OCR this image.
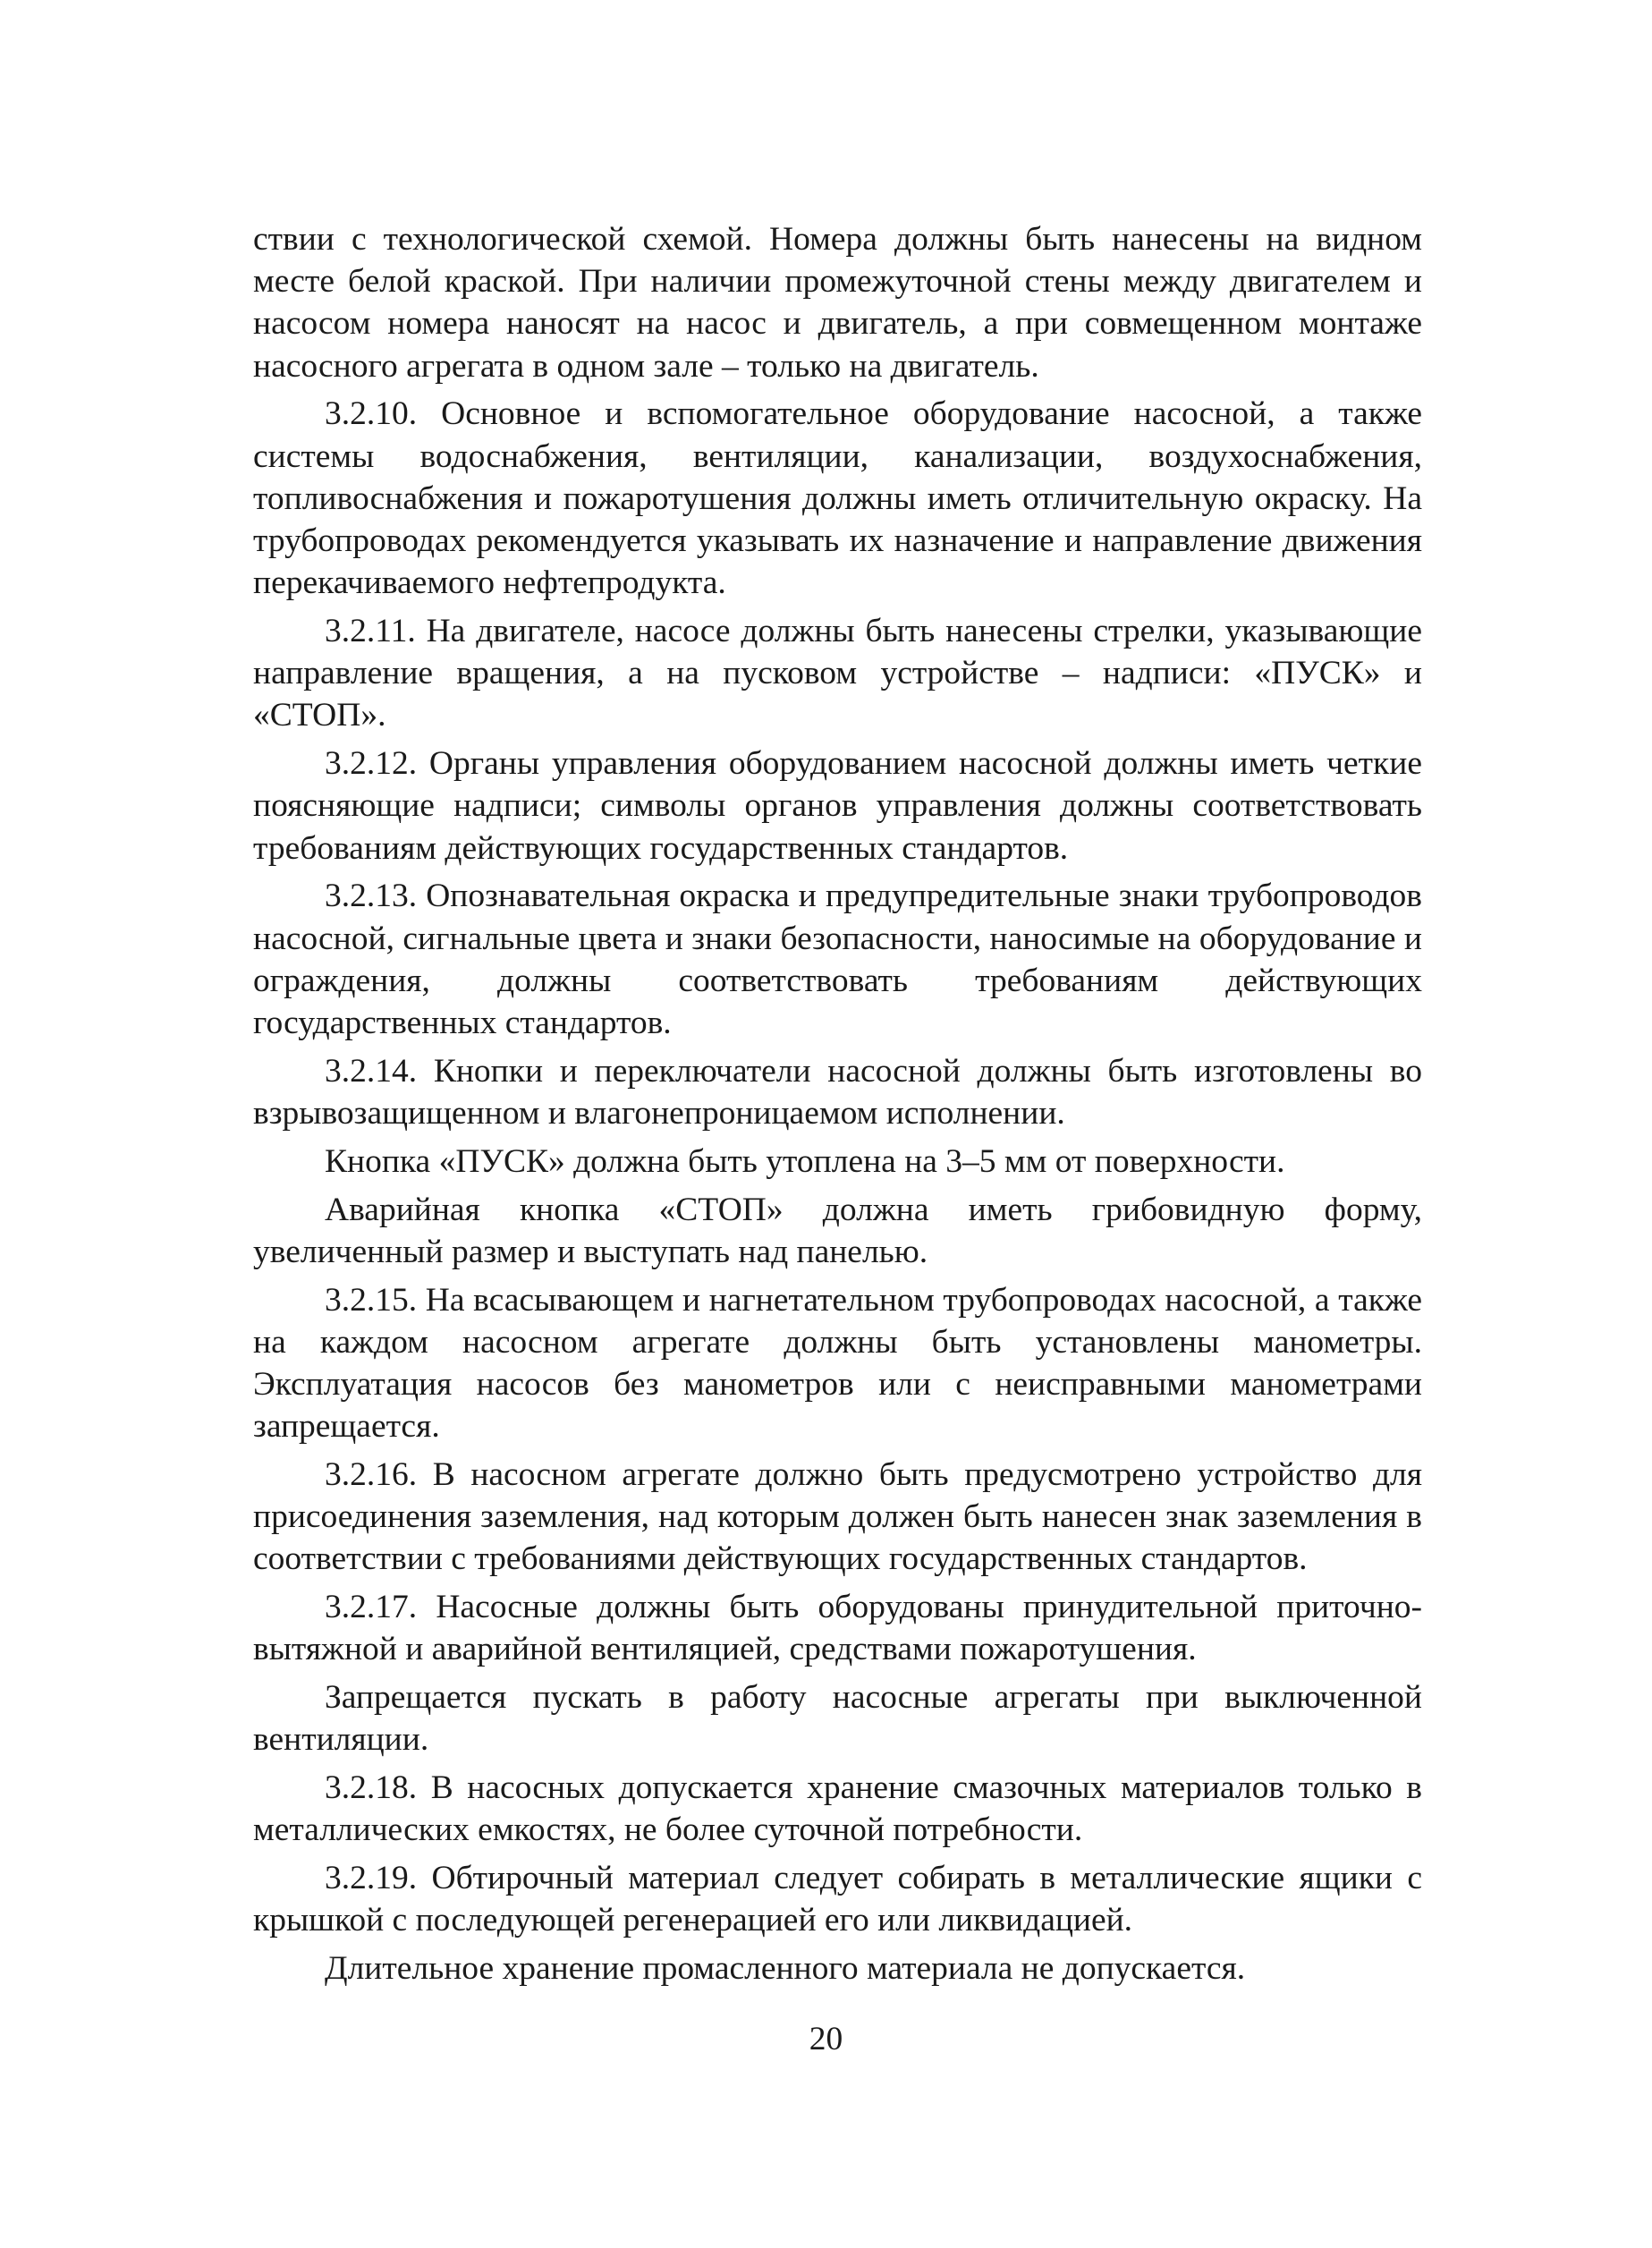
ствии с технологической схемой. Номера должны быть нанесены на видном месте белой краской. При наличии промежуточной стены между двигателем и насосом номера наносят на насос и двигатель, а при совмещенном монтаже насосного агрегата в одном зале – только на двигатель.

3.2.10. Основное и вспомогательное оборудование насосной, а также системы водоснабжения, вентиляции, канализации, воздухоснабжения, топливоснабжения и пожаротушения должны иметь отличительную окраску. На трубопроводах рекомендуется указывать их назначение и направление движения перекачиваемого нефтепродукта.

3.2.11. На двигателе, насосе должны быть нанесены стрелки, указывающие направление вращения, а на пусковом устройстве – надписи: «ПУСК» и «СТОП».

3.2.12. Органы управления оборудованием насосной должны иметь четкие поясняющие надписи; символы органов управления должны соответствовать требованиям действующих государственных стандартов.

3.2.13. Опознавательная окраска и предупредительные знаки трубопроводов насосной, сигнальные цвета и знаки безопасности, наносимые на оборудование и ограждения, должны соответствовать требованиям действующих государственных стандартов.

3.2.14. Кнопки и переключатели насосной должны быть изготовлены во взрывозащищенном и влагонепроницаемом исполнении.

Кнопка «ПУСК» должна быть утоплена на 3–5 мм от поверхности.

Аварийная кнопка «СТОП» должна иметь грибовидную форму, увеличенный размер и выступать над панелью.

3.2.15. На всасывающем и нагнетательном трубопроводах насосной, а также на каждом насосном агрегате должны быть установлены манометры. Эксплуатация насосов без манометров или с неисправными манометрами запрещается.

3.2.16. В насосном агрегате должно быть предусмотрено устройство для присоединения заземления, над которым должен быть нанесен знак заземления в соответствии с требованиями действующих государственных стандартов.

3.2.17. Насосные должны быть оборудованы принудительной приточно-вытяжной и аварийной вентиляцией, средствами пожаротушения.

Запрещается пускать в работу насосные агрегаты при выключенной вентиляции.

3.2.18. В насосных допускается хранение смазочных материалов только в металлических емкостях, не более суточной потребности.

3.2.19. Обтирочный материал следует собирать в металлические ящики с крышкой с последующей регенерацией его или ликвидацией.

Длительное хранение промасленного материала не допускается.

20
